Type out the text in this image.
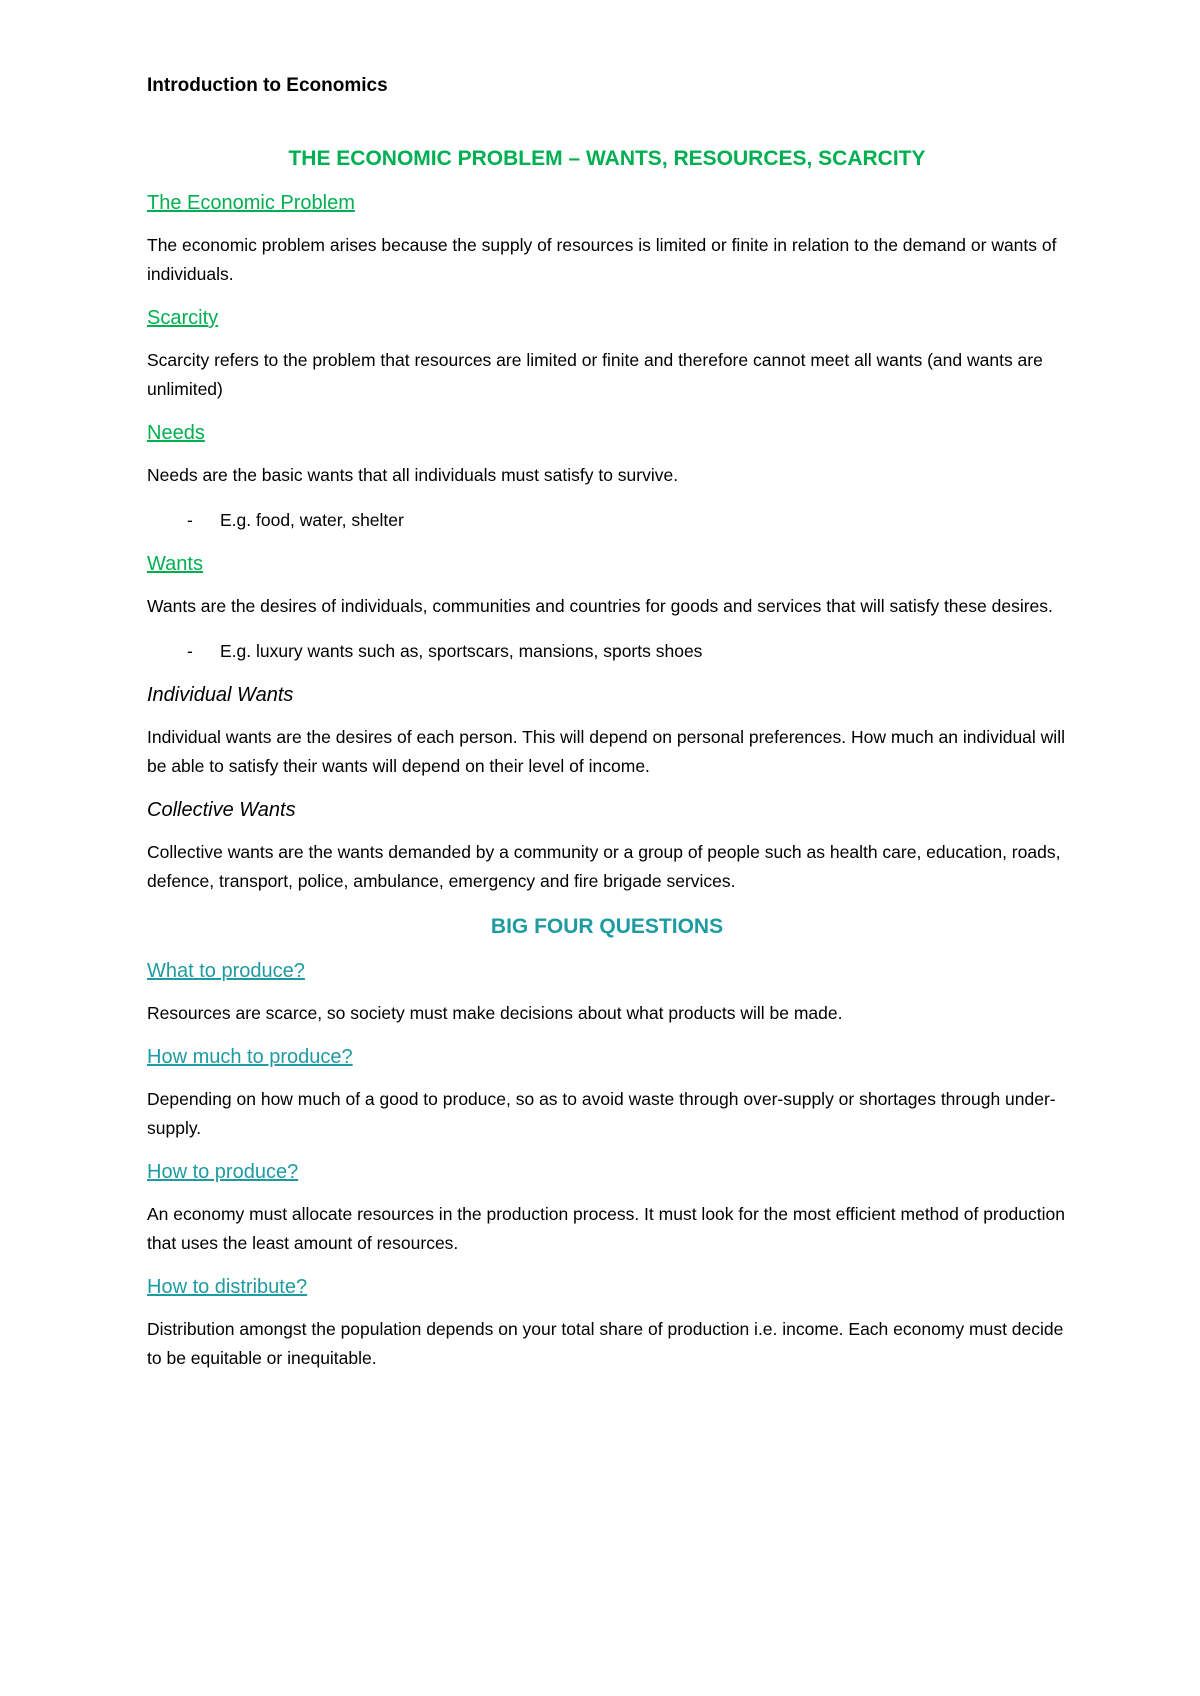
Introduction to Economics
THE ECONOMIC PROBLEM – WANTS, RESOURCES, SCARCITY
The Economic Problem
The economic problem arises because the supply of resources is limited or finite in relation to the demand or wants of individuals.
Scarcity
Scarcity refers to the problem that resources are limited or finite and therefore cannot meet all wants (and wants are unlimited)
Needs
Needs are the basic wants that all individuals must satisfy to survive.
- E.g. food, water, shelter
Wants
Wants are the desires of individuals, communities and countries for goods and services that will satisfy these desires.
- E.g. luxury wants such as, sportscars, mansions, sports shoes
Individual Wants
Individual wants are the desires of each person. This will depend on personal preferences. How much an individual will be able to satisfy their wants will depend on their level of income.
Collective Wants
Collective wants are the wants demanded by a community or a group of people such as health care, education, roads, defence, transport, police, ambulance, emergency and fire brigade services.
BIG FOUR QUESTIONS
What to produce?
Resources are scarce, so society must make decisions about what products will be made.
How much to produce?
Depending on how much of a good to produce, so as to avoid waste through over-supply or shortages through under-supply.
How to produce?
An economy must allocate resources in the production process. It must look for the most efficient method of production that uses the least amount of resources.
How to distribute?
Distribution amongst the population depends on your total share of production i.e. income. Each economy must decide to be equitable or inequitable.
